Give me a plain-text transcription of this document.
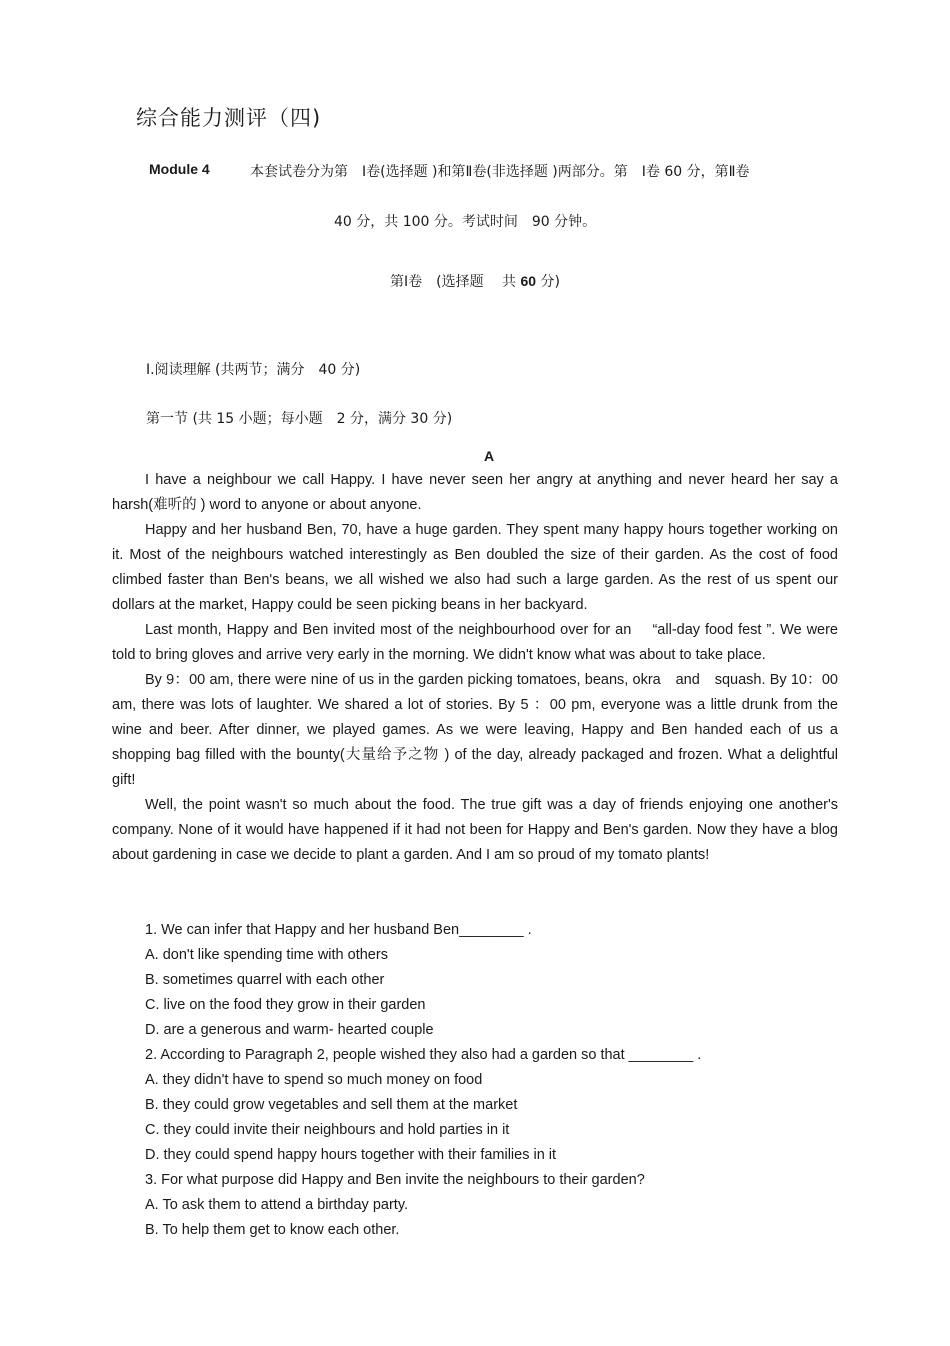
综合能力测评（四)
Module 4	本套试卷分为第　Ⅰ卷(选择题 )和第Ⅱ卷(非选择题 )两部分。第　Ⅰ卷 60 分，第Ⅱ卷
40 分，共 100 分。考试时间　90 分钟。
第Ⅰ卷　(选择题　 共 60 分)
Ⅰ.阅读理解 (共两节；满分　40 分)
第一节 (共 15 小题；每小题　2 分，满分 30 分)
A

I have a neighbour we call Happy. I have never seen her angry at anything and never heard her say a harsh(难听的 ) word to anyone or about anyone.

Happy and her husband Ben, 70, have a huge garden. They spent many happy hours together working on it. Most of the neighbours watched interestingly as Ben doubled the size of their garden. As the cost of food climbed faster than Ben's beans, we all wished we also had such a large garden. As the rest of us spent our dollars at the market, Happy could be seen picking beans in her backyard.

Last month, Happy and Ben invited most of the neighbourhood over for an　 “all-day food fest ”. We were told to bring gloves and arrive very early in the morning. We didn't know what was about to take place.

By 9：00 am, there were nine of us in the garden picking tomatoes, beans, okra　and　squash. By 10：00 am, there was lots of laughter. We shared a lot of stories. By 5 ：00 pm, everyone was a little drunk from the wine and beer. After dinner, we played games. As we were leaving, Happy and Ben handed each of us a shopping bag filled with the bounty(大量给予之物 ) of the day, already packaged and frozen. What a delightful gift!

Well, the point wasn't so much about the food. The true gift was a day of friends enjoying one another's company. None of it would have happened if it had not been for Happy and Ben's garden. Now they have a blog about gardening in case we decide to plant a garden. And I am so proud of my tomato plants!

1. We can infer that Happy and her husband Ben________ .
A. don't like spending time with others
B. sometimes quarrel with each other
C. live on the food they grow in their garden
D. are a generous and warm- hearted couple
2. According to Paragraph 2, people wished they also had a garden so that ________ .
A. they didn't have to spend so much money on food
B. they could grow vegetables and sell them at the market
C. they could invite their neighbours and hold parties in it
D. they could spend happy hours together with their families in it
3. For what purpose did Happy and Ben invite the neighbours to their garden?
A. To ask them to attend a birthday party.
B. To help them get to know each other.
